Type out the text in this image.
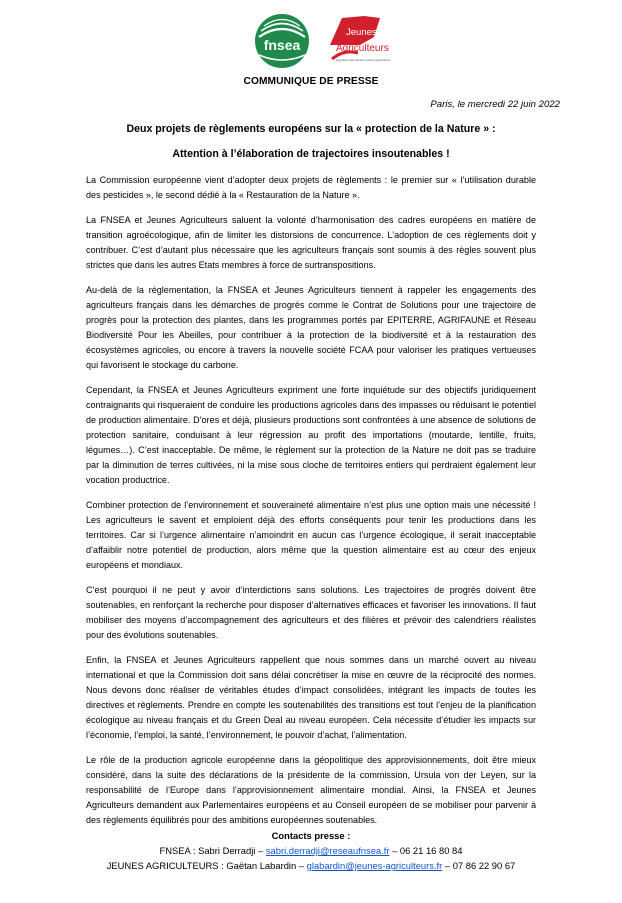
fnsea
Jeunes
Agriculteurs
Syndicat national des jeunes agriculteurs
COMMUNIQUE DE PRESSE
Paris, le mercredi 22 juin 2022
Deux projets de règlements européens sur la « protection de la Nature » :
Attention à l’élaboration de trajectoires insoutenables !

La Commission européenne vient d’adopter deux projets de règlements : le premier sur « l’utilisation durable des pesticides », le second dédié à la « Restauration de la Nature ».

La FNSEA et Jeunes Agriculteurs saluent la volonté d’harmonisation des cadres européens en matière de transition agroécologique, afin de limiter les distorsions de concurrence. L’adoption de ces règlements doit y contribuer. C’est d’autant plus nécessaire que les agriculteurs français sont soumis à des règles souvent plus strictes que dans les autres Etats membres à force de surtranspositions.

Au-delà de la réglementation, la FNSEA et Jeunes Agriculteurs tiennent à rappeler les engagements des agriculteurs français dans les démarches de progrès comme le Contrat de Solutions pour une trajectoire de progrès pour la protection des plantes, dans les programmes portés par EPITERRE, AGRIFAUNE et Réseau Biodiversité Pour les Abeilles, pour contribuer à la protection de la biodiversité et à la restauration des écosystèmes agricoles, ou encore à travers la nouvelle société FCAA pour valoriser les pratiques vertueuses qui favorisent le stockage du carbone.

Cependant, la FNSEA et Jeunes Agriculteurs expriment une forte inquiétude sur des objectifs juridiquement contraignants qui risqueraient de conduire les productions agricoles dans des impasses ou réduisant le potentiel de production alimentaire. D’ores et déjà, plusieurs productions sont confrontées à une absence de solutions de protection sanitaire, conduisant à leur régression au profit des importations (moutarde, lentille, fruits, légumes…). C’est inacceptable. De même, le règlement sur la protection de la Nature ne doit pas se traduire par la diminution de terres cultivées, ni la mise sous cloche de territoires entiers qui perdraient également leur vocation productrice.

Combiner protection de l’environnement et souveraineté alimentaire n’est plus une option mais une nécessité ! Les agriculteurs le savent et emploient déjà des efforts conséquents pour tenir les productions dans les territoires. Car si l’urgence alimentaire n’amoindrit en aucun cas l’urgence écologique, il serait inacceptable d’affaiblir notre potentiel de production, alors même que la question alimentaire est au cœur des enjeux européens et mondiaux.

C’est pourquoi il ne peut y avoir d’interdictions sans solutions. Les trajectoires de progrès doivent être soutenables, en renforçant la recherche pour disposer d’alternatives efficaces et favoriser les innovations. Il faut mobiliser des moyens d’accompagnement des agriculteurs et des filières et prévoir des calendriers réalistes pour des évolutions soutenables.

Enfin, la FNSEA et Jeunes Agriculteurs rappellent que nous sommes dans un marché ouvert au niveau international et que la Commission doit sans délai concrétiser la mise en œuvre de la réciprocité des normes. Nous devons donc réaliser de véritables études d’impact consolidées, intégrant les impacts de toutes les directives et règlements. Prendre en compte les soutenabilités des transitions est tout l’enjeu de la planification écologique au niveau français et du Green Deal au niveau européen. Cela nécessite d’étudier les impacts sur l’économie, l’emploi, la santé, l’environnement, le pouvoir d’achat, l’alimentation.

Le rôle de la production agricole européenne dans la géopolitique des approvisionnements, doit être mieux considéré, dans la suite des déclarations de la présidente de la commission, Ursula von der Leyen, sur la responsabilité de l’Europe dans l’approvisionnement alimentaire mondial. Ainsi, la FNSEA et Jeunes Agriculteurs demandent aux Parlementaires européens et au Conseil européen de se mobiliser pour parvenir à des règlements équilibrés pour des ambitions européennes soutenables.

Contacts presse :
FNSEA : Sabri Derradji – sabri.derradji@reseaufnsea.fr – 06 21 16 80 84
JEUNES AGRICULTEURS : Gaëtan Labardin – glabardin@jeunes-agriculteurs.fr – 07 86 22 90 67
